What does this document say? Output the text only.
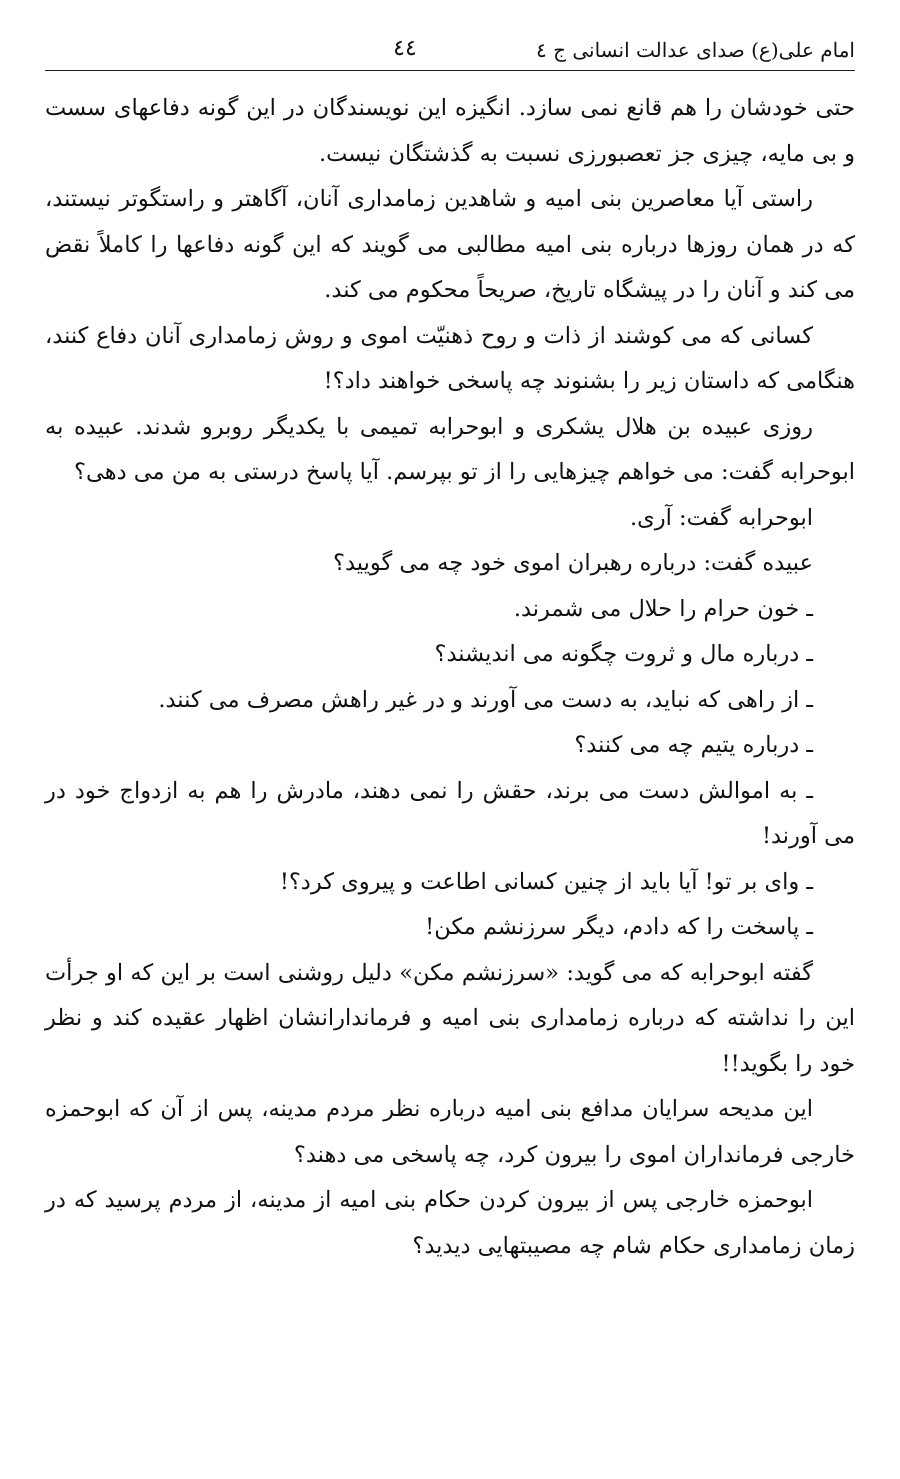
امام علی(ع) صدای عدالت انسانی ج ٤
٤٤

حتی خودشان را هم قانع نمی سازد. انگیزه این نویسندگان در این گونه دفاعهای سست و بی مایه، چیزی جز تعصبورزی نسبت به گذشتگان نیست.

راستی آیا معاصرین بنی امیه و شاهدین زمامداری آنان، آگاهتر و راستگوتر نیستند، که در همان روزها درباره بنی امیه مطالبی می گویند که این گونه دفاعها را کاملاً نقض می کند و آنان را در پیشگاه تاریخ، صریحاً محکوم می کند.

کسانی که می کوشند از ذات و روح ذهنیّت اموی و روش زمامداری آنان دفاع کنند، هنگامی که داستان زیر را بشنوند چه پاسخی خواهند داد؟!

روزی عبیده بن هلال یشکری و ابوحرابه تمیمی با یکدیگر روبرو شدند. عبیده به ابوحرابه گفت: می خواهم چیزهایی را از تو بپرسم. آیا پاسخ درستی به من می دهی؟

ابوحرابه گفت: آری.

عبیده گفت: درباره رهبران اموی خود چه می گویید؟

ـ خون حرام را حلال می شمرند.

ـ درباره مال و ثروت چگونه می اندیشند؟

ـ از راهی که نباید، به دست می آورند و در غیر راهش مصرف می کنند.

ـ درباره یتیم چه می کنند؟

ـ به اموالش دست می برند، حقش را نمی دهند، مادرش را هم به ازدواج خود در می آورند!

ـ وای بر تو! آیا باید از چنین کسانی اطاعت و پیروی کرد؟!

ـ پاسخت را که دادم، دیگر سرزنشم مکن!

گفته ابوحرابه که می گوید: «سرزنشم مکن» دلیل روشنی است بر این که او جرأت این را نداشته که درباره زمامداری بنی امیه و فرماندارانشان اظهار عقیده کند و نظر خود را بگوید!!

این مدیحه سرایان مدافع بنی امیه درباره نظر مردم مدینه، پس از آن که ابوحمزه خارجی فرمانداران اموی را بیرون کرد، چه پاسخی می دهند؟

ابوحمزه خارجی پس از بیرون کردن حکام بنی امیه از مدینه، از مردم پرسید که در زمان زمامداری حکام شام چه مصیبتهایی دیدید؟
